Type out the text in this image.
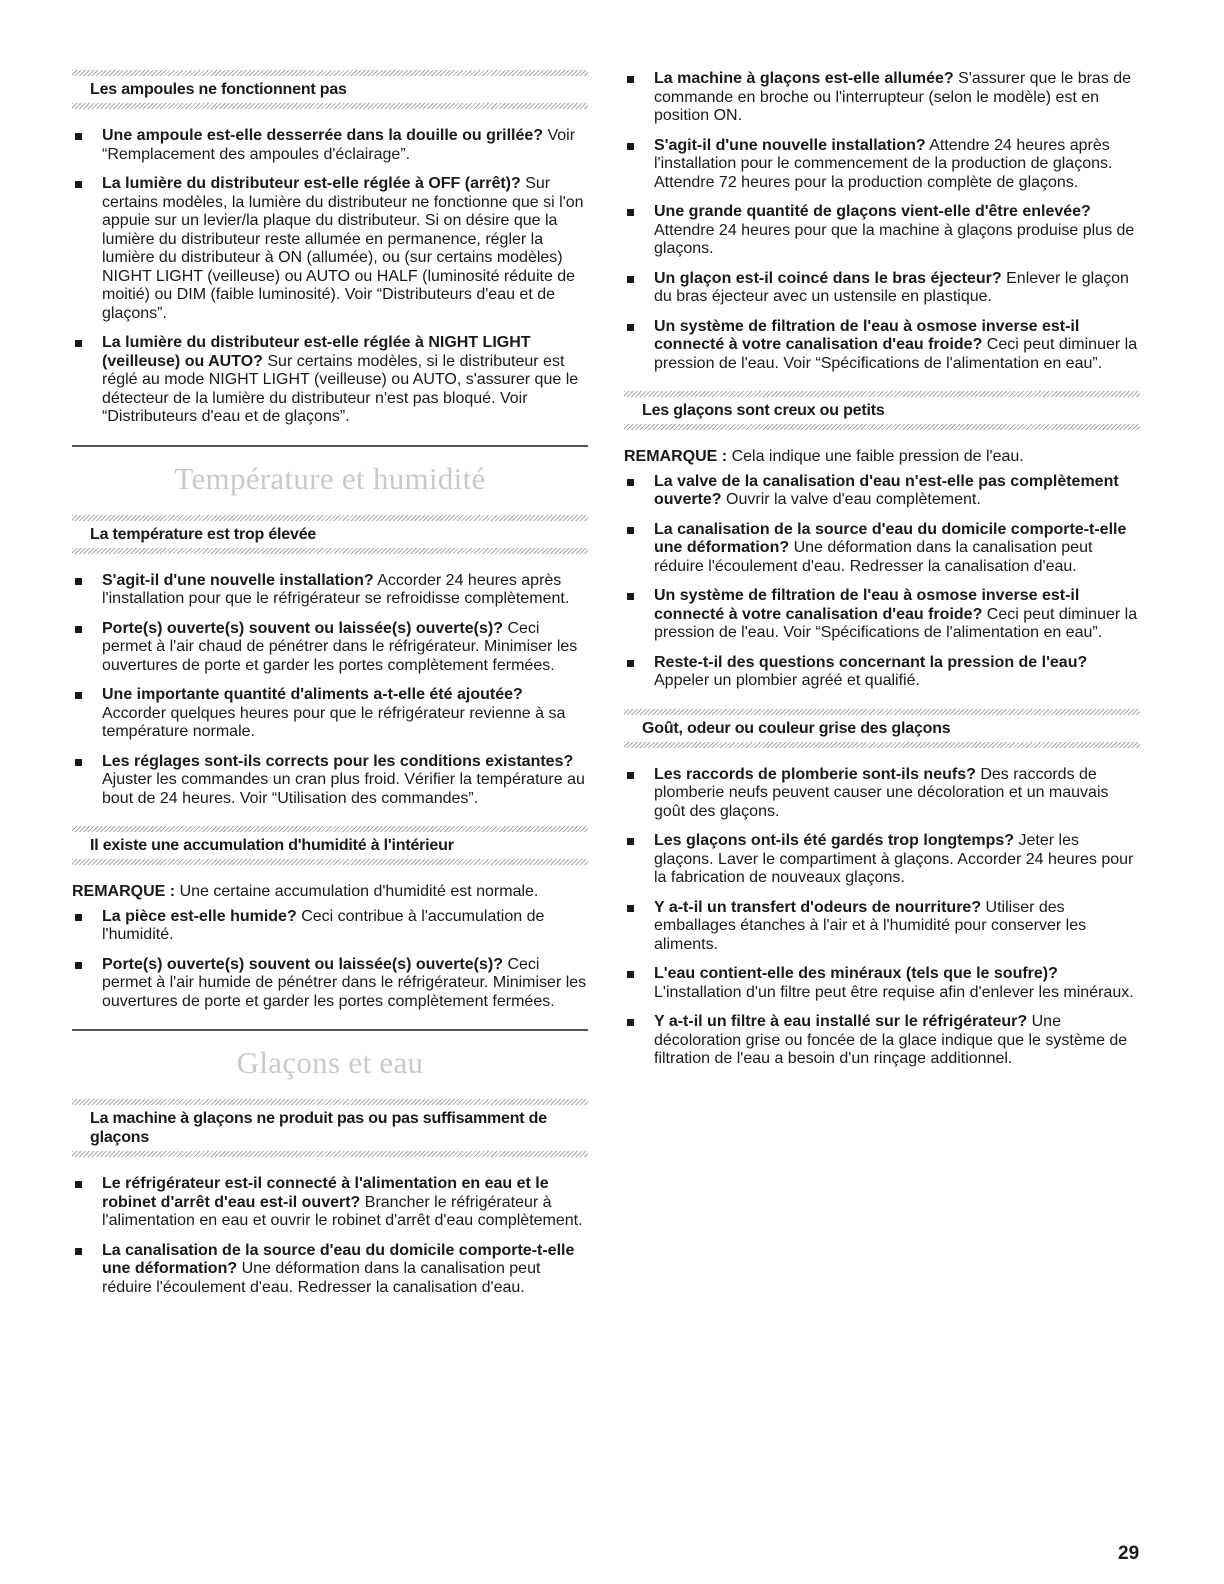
Les ampoules ne fonctionnent pas
Une ampoule est-elle desserrée dans la douille ou grillée? Voir “Remplacement des ampoules d'éclairage”.
La lumière du distributeur est-elle réglée à OFF (arrêt)? Sur certains modèles, la lumière du distributeur ne fonctionne que si l'on appuie sur un levier/la plaque du distributeur. Si on désire que la lumière du distributeur reste allumée en permanence, régler la lumière du distributeur à ON (allumée), ou (sur certains modèles) NIGHT LIGHT (veilleuse) ou AUTO ou HALF (luminosité réduite de moitié) ou DIM (faible luminosité). Voir “Distributeurs d'eau et de glaçons”.
La lumière du distributeur est-elle réglée à NIGHT LIGHT (veilleuse) ou AUTO? Sur certains modèles, si le distributeur est réglé au mode NIGHT LIGHT (veilleuse) ou AUTO, s'assurer que le détecteur de la lumière du distributeur n'est pas bloqué. Voir “Distributeurs d'eau et de glaçons”.
Température et humidité
La température est trop élevée
S'agit-il d'une nouvelle installation? Accorder 24 heures après l'installation pour que le réfrigérateur se refroidisse complètement.
Porte(s) ouverte(s) souvent ou laissée(s) ouverte(s)? Ceci permet à l'air chaud de pénétrer dans le réfrigérateur. Minimiser les ouvertures de porte et garder les portes complètement fermées.
Une importante quantité d'aliments a-t-elle été ajoutée? Accorder quelques heures pour que le réfrigérateur revienne à sa température normale.
Les réglages sont-ils corrects pour les conditions existantes? Ajuster les commandes un cran plus froid. Vérifier la température au bout de 24 heures. Voir “Utilisation des commandes”.
Il existe une accumulation d'humidité à l'intérieur

REMARQUE : Une certaine accumulation d'humidité est normale.

La pièce est-elle humide? Ceci contribue à l'accumulation de l'humidité.
Porte(s) ouverte(s) souvent ou laissée(s) ouverte(s)? Ceci permet à l'air humide de pénétrer dans le réfrigérateur. Minimiser les ouvertures de porte et garder les portes complètement fermées.
Glaçons et eau
La machine à glaçons ne produit pas ou pas suffisamment de glaçons
Le réfrigérateur est-il connecté à l'alimentation en eau et le robinet d'arrêt d'eau est-il ouvert? Brancher le réfrigérateur à l'alimentation en eau et ouvrir le robinet d'arrêt d'eau complètement.
La canalisation de la source d'eau du domicile comporte-t-elle une déformation? Une déformation dans la canalisation peut réduire l'écoulement d'eau. Redresser la canalisation d'eau.
La machine à glaçons est-elle allumée? S'assurer que le bras de commande en broche ou l'interrupteur (selon le modèle) est en position ON.
S'agit-il d'une nouvelle installation? Attendre 24 heures après l'installation pour le commencement de la production de glaçons. Attendre 72 heures pour la production complète de glaçons.
Une grande quantité de glaçons vient-elle d'être enlevée? Attendre 24 heures pour que la machine à glaçons produise plus de glaçons.
Un glaçon est-il coincé dans le bras éjecteur? Enlever le glaçon du bras éjecteur avec un ustensile en plastique.
Un système de filtration de l'eau à osmose inverse est-il connecté à votre canalisation d'eau froide? Ceci peut diminuer la pression de l'eau. Voir “Spécifications de l'alimentation en eau”.
Les glaçons sont creux ou petits

REMARQUE : Cela indique une faible pression de l'eau.

La valve de la canalisation d'eau n'est-elle pas complètement ouverte? Ouvrir la valve d'eau complètement.
La canalisation de la source d'eau du domicile comporte-t-elle une déformation? Une déformation dans la canalisation peut réduire l'écoulement d'eau. Redresser la canalisation d'eau.
Un système de filtration de l'eau à osmose inverse est-il connecté à votre canalisation d'eau froide? Ceci peut diminuer la pression de l'eau. Voir “Spécifications de l'alimentation en eau”.
Reste-t-il des questions concernant la pression de l'eau? Appeler un plombier agréé et qualifié.
Goût, odeur ou couleur grise des glaçons
Les raccords de plomberie sont-ils neufs? Des raccords de plomberie neufs peuvent causer une décoloration et un mauvais goût des glaçons.
Les glaçons ont-ils été gardés trop longtemps? Jeter les glaçons. Laver le compartiment à glaçons. Accorder 24 heures pour la fabrication de nouveaux glaçons.
Y a-t-il un transfert d'odeurs de nourriture? Utiliser des emballages étanches à l'air et à l'humidité pour conserver les aliments.
L'eau contient-elle des minéraux (tels que le soufre)? L'installation d'un filtre peut être requise afin d'enlever les minéraux.
Y a-t-il un filtre à eau installé sur le réfrigérateur? Une décoloration grise ou foncée de la glace indique que le système de filtration de l'eau a besoin d'un rinçage additionnel.
29
